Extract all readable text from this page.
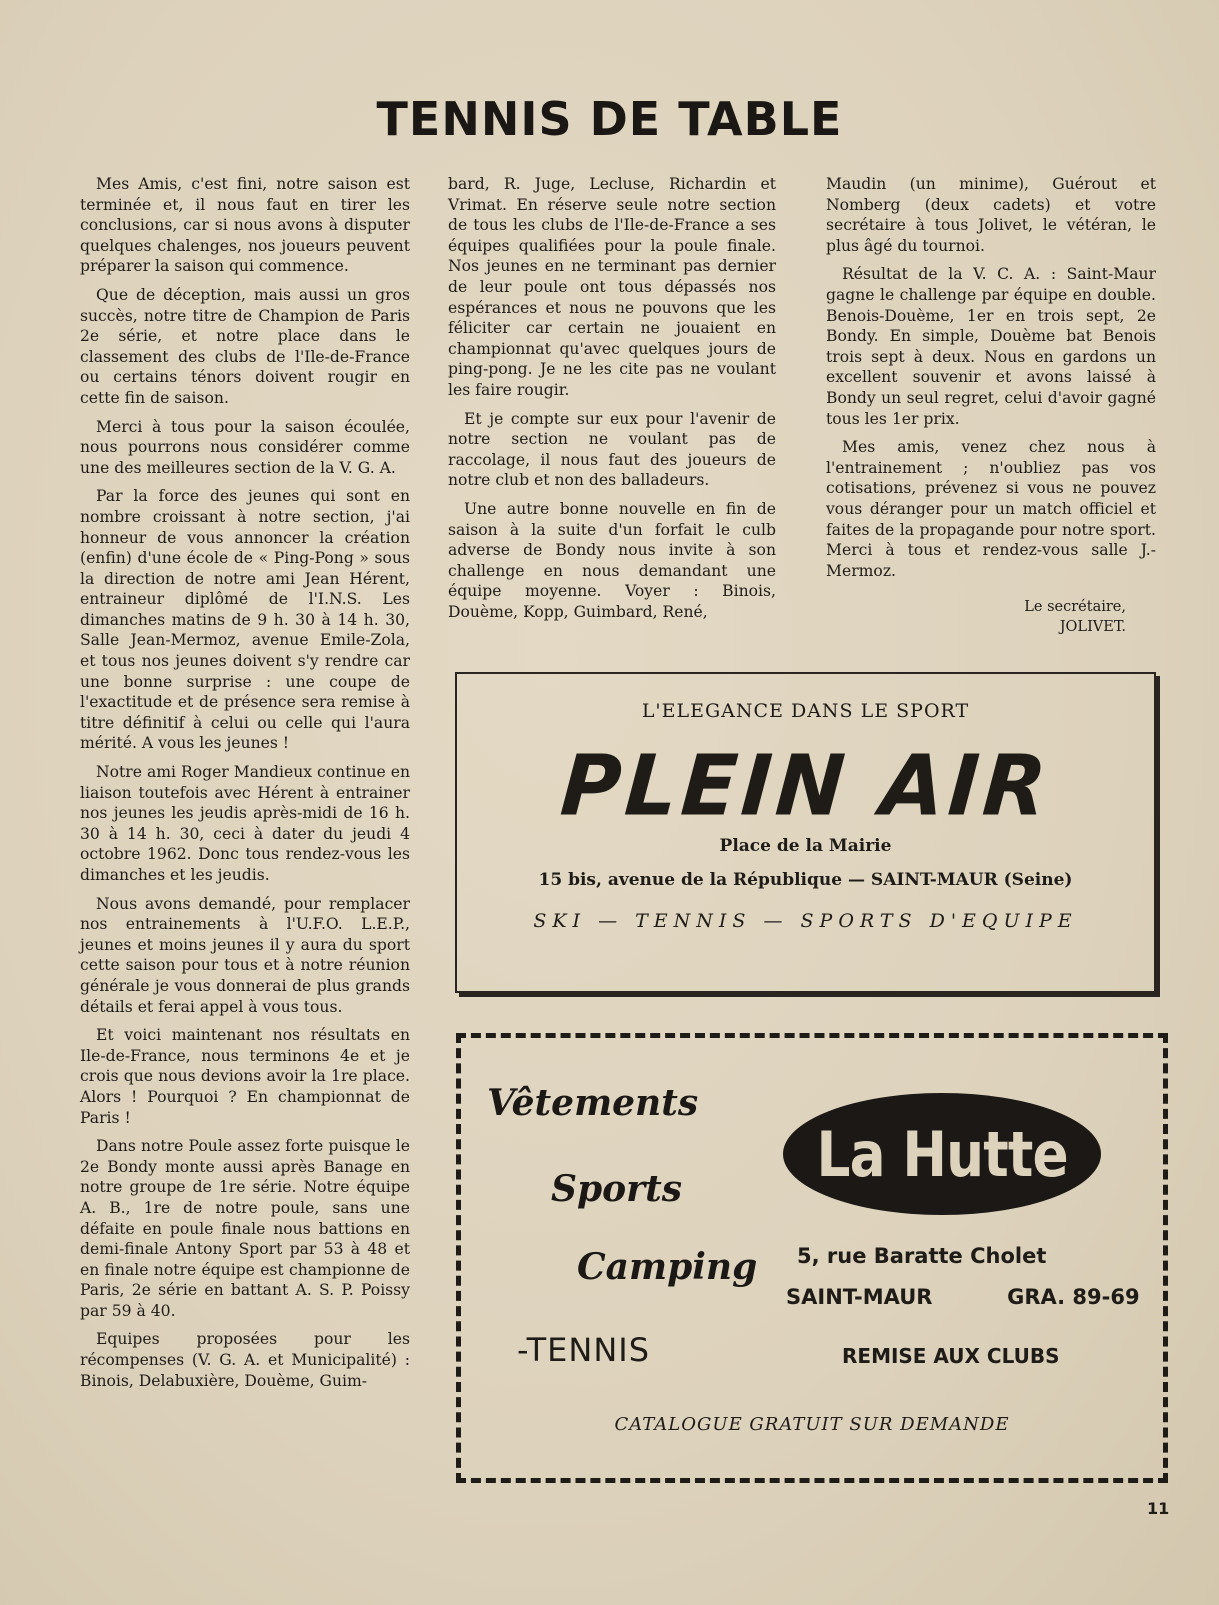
TENNIS DE TABLE

Mes Amis, c'est fini, notre saison est terminée et, il nous faut en tirer les conclusions, car si nous avons à disputer quelques chalenges, nos joueurs peuvent préparer la saison qui commence.

Que de déception, mais aussi un gros succès, notre titre de Champion de Paris 2e série, et notre place dans le classement des clubs de l'Ile-de-France ou certains ténors doivent rougir en cette fin de saison.

Merci à tous pour la saison écoulée, nous pourrons nous considérer comme une des meilleures section de la V. G. A.

Par la force des jeunes qui sont en nombre croissant à notre section, j'ai honneur de vous annoncer la création (enfin) d'une école de « Ping-Pong » sous la direction de notre ami Jean Hérent, entraineur diplômé de l'I.N.S. Les dimanches matins de 9 h. 30 à 14 h. 30, Salle Jean-Mermoz, avenue Emile-Zola, et tous nos jeunes doivent s'y rendre car une bonne surprise : une coupe de l'exactitude et de présence sera remise à titre définitif à celui ou celle qui l'aura mérité. A vous les jeunes !

Notre ami Roger Mandieux continue en liaison toutefois avec Hérent à entrainer nos jeunes les jeudis après-midi de 16 h. 30 à 14 h. 30, ceci à dater du jeudi 4 octobre 1962. Donc tous rendez-vous les dimanches et les jeudis.

Nous avons demandé, pour remplacer nos entrainements à l'U.F.O. L.E.P., jeunes et moins jeunes il y aura du sport cette saison pour tous et à notre réunion générale je vous donnerai de plus grands détails et ferai appel à vous tous.

Et voici maintenant nos résultats en Ile-de-France, nous terminons 4e et je crois que nous devions avoir la 1re place. Alors ! Pourquoi ? En championnat de Paris !

Dans notre Poule assez forte puisque le 2e Bondy monte aussi après Banage en notre groupe de 1re série. Notre équipe A. B., 1re de notre poule, sans une défaite en poule finale nous battions en demi-finale Antony Sport par 53 à 48 et en finale notre équipe est championne de Paris, 2e série en battant A. S. P. Poissy par 59 à 40.

Equipes proposées pour les récompenses (V. G. A. et Municipalité) : Binois, Delabuxière, Douème, Guim-

bard, R. Juge, Lecluse, Richardin et Vrimat. En réserve seule notre section de tous les clubs de l'Ile-de-France a ses équipes qualifiées pour la poule finale. Nos jeunes en ne terminant pas dernier de leur poule ont tous dépassés nos espérances et nous ne pouvons que les féliciter car certain ne jouaient en championnat qu'avec quelques jours de ping-pong. Je ne les cite pas ne voulant les faire rougir.

Et je compte sur eux pour l'avenir de notre section ne voulant pas de raccolage, il nous faut des joueurs de notre club et non des balladeurs.

Une autre bonne nouvelle en fin de saison à la suite d'un forfait le culb adverse de Bondy nous invite à son challenge en nous demandant une équipe moyenne. Voyer : Binois, Douème, Kopp, Guimbard, René,

Maudin (un minime), Guérout et Nomberg (deux cadets) et votre secrétaire à tous Jolivet, le vétéran, le plus âgé du tournoi.

Résultat de la V. C. A. : Saint-Maur gagne le challenge par équipe en double. Benois-Douème, 1er en trois sept, 2e Bondy. En simple, Douème bat Benois trois sept à deux. Nous en gardons un excellent souvenir et avons laissé à Bondy un seul regret, celui d'avoir gagné tous les 1er prix.

Mes amis, venez chez nous à l'entrainement ; n'oubliez pas vos cotisations, prévenez si vous ne pouvez vous déranger pour un match officiel et faites de la propagande pour notre sport. Merci à tous et rendez-vous salle J.-Mermoz.

Le secrétaire,
JOLIVET.
L'ELEGANCE DANS LE SPORT
PLEIN AIR
Place de la Mairie
15 bis, avenue de la République — SAINT-MAUR (Seine)
SKI — TENNIS — SPORTS D'EQUIPE
Vêtements
Sports
Camping
-TENNIS
La Hutte
5, rue Baratte Cholet
SAINT-MAUR	GRA. 89-69
REMISE AUX CLUBS
CATALOGUE GRATUIT SUR DEMANDE
11
